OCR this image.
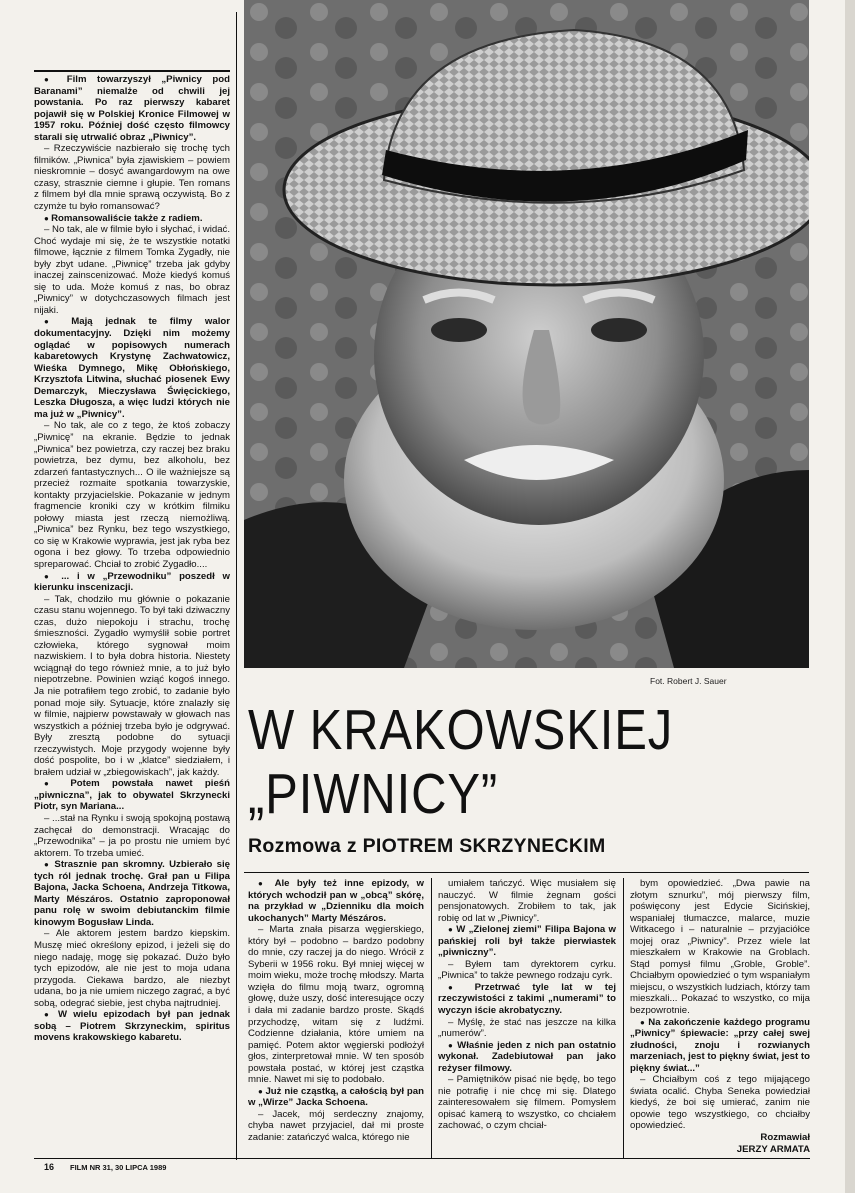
● Film towarzyszył „Piwnicy pod Baranami” niemalże od chwili jej powstania. Po raz pierwszy kabaret pojawił się w Polskiej Kronice Filmowej w 1957 roku. Później dość często filmowcy starali się utrwalić obraz „Piwnicy”.

– Rzeczywiście nazbierało się trochę tych filmików. „Piwnica” była zjawiskiem – powiem nieskromnie – dosyć awangardowym na owe czasy, strasznie ciemne i głupie. Ten romans z filmem był dla mnie sprawą oczywistą. Bo z czymże tu było romansować?

● Romansowaliście także z radiem.

– No tak, ale w filmie było i słychać, i widać. Choć wydaje mi się, że te wszystkie notatki filmowe, łącznie z filmem Tomka Zygadły, nie były zbyt udane. „Piwnicę” trzeba jak gdyby inaczej zainscenizować. Może kiedyś komuś się to uda. Może komuś z nas, bo obraz „Piwnicy” w dotychczasowych filmach jest nijaki.

● Mają jednak te filmy walor dokumentacyjny. Dzięki nim możemy oglądać w popisowych numerach kabaretowych Krystynę Zachwatowicz, Wieśka Dymnego, Mikę Obłońskiego, Krzysztofa Litwina, słuchać piosenek Ewy Demarczyk, Mieczysława Święcickiego, Leszka Długosza, a więc ludzi których nie ma już w „Piwnicy”.

– No tak, ale co z tego, że ktoś zobaczy „Piwnicę” na ekranie. Będzie to jednak „Piwnica” bez powietrza, czy raczej bez braku powietrza, bez dymu, bez alkoholu, bez zdarzeń fantastycznych... O ile ważniejsze są przecież rozmaite spotkania towarzyskie, kontakty przyjacielskie. Pokazanie w jednym fragmencie kroniki czy w krótkim filmiku połowy miasta jest rzeczą niemożliwą. „Piwnica” bez Rynku, bez tego wszystkiego, co się w Krakowie wyprawia, jest jak ryba bez ogona i bez głowy. To trzeba odpowiednio spreparować. Chciał to zrobić Zygadło....

● ... i w „Przewodniku” poszedł w kierunku inscenizacji.

– Tak, chodziło mu głównie o pokazanie czasu stanu wojennego. To był taki dziwaczny czas, dużo niepokoju i strachu, trochę śmieszności. Zygadło wymyślił sobie portret człowieka, którego sygnował moim nazwiskiem. I to była dobra historia. Niestety wciągnął do tego również mnie, a to już było niepotrzebne. Powinien wziąć kogoś innego. Ja nie potrafiłem tego zrobić, to zadanie było ponad moje siły. Sytuacje, które znalazły się w filmie, najpierw powstawały w głowach nas wszystkich a później trzeba było je odgrywać. Były zresztą podobne do sytuacji rzeczywistych. Moje przygody wojenne były dość pospolite, bo i w „klatce” siedziałem, i brałem udział w „zbiegowiskach”, jak każdy.

● Potem powstała nawet pieśń „piwniczna”, jak to obywatel Skrzynecki Piotr, syn Mariana...

– ...stał na Rynku i swoją spokojną postawą zachęcał do demonstracji. Wracając do „Przewodnika” – ja po prostu nie umiem być aktorem. To trzeba umieć.

● Straszniе pan skromny. Uzbierało się tych ról jednak trochę. Grał pan u Filipa Bajona, Jacka Schoena, Andrzeja Titkowa, Marty Mészáros. Ostatnio zaproponował panu rolę w swoim debiutanckim filmie kinowym Bogusław Linda.

– Ale aktorem jestem bardzo kiepskim. Muszę mieć określony epizod, i jeżeli się do niego nadaję, mogę się pokazać. Dużo było tych epizodów, ale nie jest to moja udana przygoda. Ciekawa bardzo, ale niezbyt udana, bo ja nie umiem niczego zagrać, a być sobą, odegrać siebie, jest chyba najtrudniej.

● W wielu epizodach był pan jednak sobą – Piotrem Skrzyneckim, spiritus movens krakowskiego kabaretu.

Fot. Robert J. Sauer
W KRAKOWSKIEJ
„PIWNICY”
Rozmowa z PIOTREM SKRZYNECKIM

● Ale były też inne epizody, w których wchodził pan w „obcą” skórę, na przykład w „Dzienniku dla moich ukochanych” Marty Mészáros.

– Marta znała pisarza węgierskiego, który był – podobno – bardzo podobny do mnie, czy raczej ja do niego. Wrócił z Syberii w 1956 roku. Był mniej więcej w moim wieku, może trochę młodszy. Marta wzięła do filmu moją twarz, ogromną głowę, duże uszy, dość interesujące oczy i dała mi zadanie bardzo proste. Skądś przychodzę, witam się z ludźmi. Codzienne działania, które umiem na pamięć. Potem aktor węgierski podłożył głos, zinterpretował mnie. W ten sposób powstała postać, w której jest cząstka mnie. Nawet mi się to podobało.

● Już nie cząstką, a całością był pan w „Wirze” Jacka Schoena.

– Jacek, mój serdeczny znajomy, chyba nawet przyjaciel, dał mi proste zadanie: zatańczyć walca, którego nie

umiałem tańczyć. Więc musiałem się nauczyć. W filmie żegnam gości pensjonatowych. Zrobiłem to tak, jak robię od lat w „Piwnicy”.

● W „Zielonej ziemi” Filipa Bajona w pańskiej roli był także pierwiastek „piwniczny”.

– Byłem tam dyrektorem cyrku. „Piwnica” to także pewnego rodzaju cyrk.

● Przetrwać tyle lat w tej rzeczywistości z takimi „numerami” to wyczyn iście akrobatyczny.

– Myślę, że stać nas jeszcze na kilka „numerów”.

● Właśnie jeden z nich pan ostatnio wykonał. Zadebiutował pan jako reżyser filmowy.

– Pamiętników pisać nie będę, bo tego nie potrafię i nie chcę mi się. Dlatego zainteresowałem się filmem. Pomysłem opisać kamerą to wszystko, co chciałem zachować, o czym chciał-

bym opowiedzieć. „Dwa pawie na złotym sznurku”, mój pierwszy film, poświęcony jest Edycie Sicińskiej, wspaniałej tłumaczce, malarce, muzie Witkacego i – naturalnie – przyjaciółce mojej oraz „Piwnicy”. Przez wiele lat mieszkałem w Krakowie na Groblach. Stąd pomysł filmu „Groble, Groble”. Chciałbym opowiedzieć o tym wspaniałym miejscu, o wszystkich ludziach, którzy tam mieszkali... Pokazać to wszystko, co mija bezpowrotnie.

● Na zakończenie każdego programu „Piwnicy” śpiewacie: „przy całej swej złudności, znoju i rozwianych marzeniach, jest to piękny świat, jest to piękny świat...”

– Chciałbym coś z tego mijającego świata ocalić. Chyba Seneka powiedział kiedyś, że boi się umierać, zanim nie opowie tego wszystkiego, co chciałby opowiedzieć.

Rozmawiał
JERZY ARMATA
16 FILM NR 31, 30 LIPCA 1989
